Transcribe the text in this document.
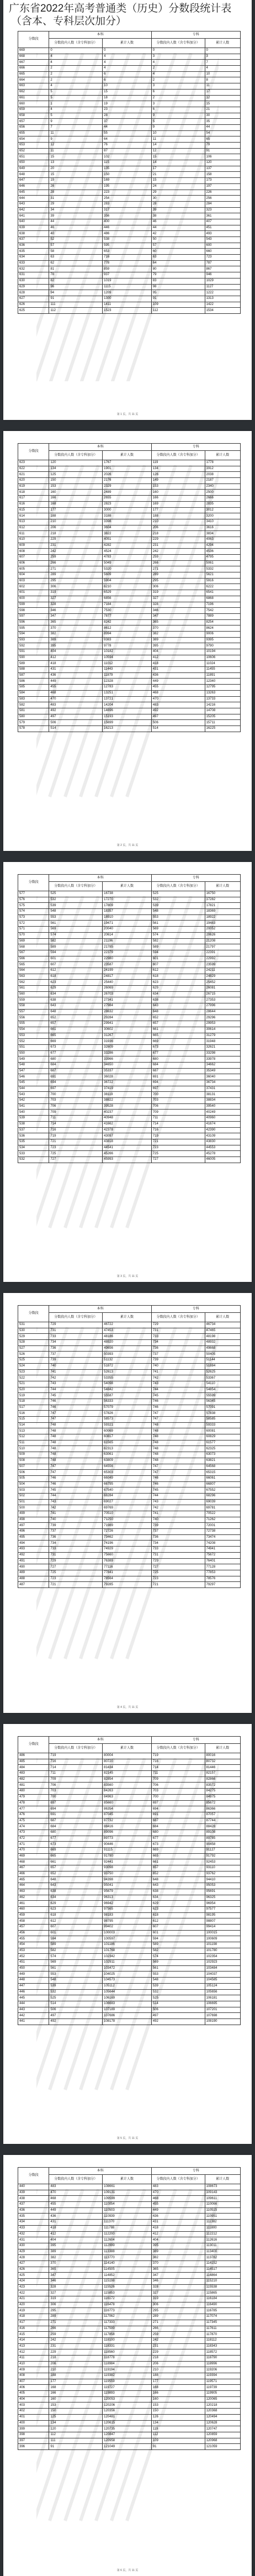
广东省2022年高考普通类（历史）分数段统计表
（含本、专科层次加分）
分数段	本科		专科	
	分数段内人数（含专科加分）	累计人数	分数段内人数（含专科加分）	累计人数
669	0	0	0	0
668	4	4	3	3
667	4	4	4	7
666	2	4	2	4
665	2	6	4	10
664	2	6	2	8
663	4	10	3	11
662	5	15	6	17
661	5	18	2	12
660	1	19	3	15
659	4	23	6	21
658	5	28	9	30
657	9	37	5	35
656	7	44	9	44
655	11	55	10	54
654	9	64	11	65
653	12	76	14	79
652	11	87	12	91
651	15	102	15	106
650	13	115	14	120
649	20	135	17	137
648	15	150	21	158
647	19	169	15	173
646	26	195	24	197
645	28	223	29	226
644	31	254	30	256
643	29	283	28	284
642	34	317	39	323
641	39	356	38	361
640	44	400	46	407
639	46	446	44	451
638	40	486	42	493
637	52	538	50	543
636	57	595	57	600
635	58	653	60	660
634	63	716	63	723
633	62	778	64	787
632	81	859	80	867
631	78	937	79	946
630	82	1019	83	1029
629	96	1115	98	1127
628	94	1209	95	1222
627	91	1300	91	1313
626	111	1411	109	1422
625	112	1523	112	1534
第 1 页，共 11 页
分数段	本科		专科	
	分数段内人数（含专科加分）	累计人数	分数段内人数（含专科加分）	累计人数
623	120	1767	119	1778
622	134	1901	134	1912
621	125	2026	126	2038
620	150	2176	149	2187
619	153	2329	153	2340
618	160	2489	160	2500
617	166	2655	166	2666
616	168	2823	169	2835
615	177	3000	177	3012
614	188	3188	188	3200
613	210	3398	210	3410
612	206	3604	206	3616
611	218	3822	218	3834
610	229	4051	229	4063
609	231	4282	231	4294
608	242	4524	242	4536
607	259	4783	259	4795
606	266	5049	266	5061
605	271	5320	271	5332
604	289	5609	289	5621
603	295	5904	295	5916
602	306	6210	306	6222
601	319	6529	319	6541
600	327	6856	327	6868
599	328	7184	328	7196
598	346	7530	346	7542
597	347	7877	347	7889
596	365	8242	365	8254
595	370	8612	370	8624
594	382	8994	382	9006
593	389	9383	389	9395
592	395	9778	395	9790
591	404	10182	404	10194
590	412	10594	412	10606
589	418	11012	418	11024
588	431	11443	431	11455
587	436	11879	436	11891
586	449	12328	449	12340
585	455	12783	455	12795
584	468	13251	468	13263
583	470	13721	470	13733
582	483	14204	483	14216
581	492	14696	492	14708
580	497	15193	497	15205
579	506	15699	506	15711
578	514	16213	514	16225
第 2 页，共 11 页
分数段	本科		专科	
	分数段内人数（含专科加分）	累计人数	分数段内人数（含专科加分）	累计人数
577	525	16738	525	16750
576	532	17270	532	17282
575	539	17809	539	17821
574	548	18357	548	18369
573	553	18910	553	18922
572	561	19471	561	19483
571	569	20040	569	20052
570	574	20614	574	20626
569	582	21196	582	21208
568	589	21785	589	21797
567	594	22379	594	22391
566	601	22980	601	22992
565	607	23587	607	23599
564	612	24199	612	24211
563	618	24817	618	24829
562	623	25440	623	25452
561	629	26069	629	26081
560	634	26703	634	26715
559	638	27341	638	27353
558	643	27984	643	27996
557	648	28632	648	28644
556	652	29284	652	29296
555	657	29941	657	29953
554	661	30602	661	30614
553	665	31267	665	31279
552	669	31936	669	31948
551	673	32609	673	32621
550	677	33286	677	33298
549	680	33966	680	33978
548	684	34650	684	34662
547	687	35337	687	35349
546	691	36028	691	36040
545	694	36722	694	36734
544	697	37419	697	37431
543	700	38119	700	38131
542	703	38822	703	38834
541	706	39528	706	39540
540	709	40237	709	40249
539	711	40948	711	40960
538	714	41662	714	41674
537	716	42378	716	42390
536	719	43097	719	43109
535	721	43818	721	43830
534	723	44541	723	44553
533	725	45266	725	45278
532	727	45993	727	46005
第 3 页，共 11 页
分数段	本科		专科	
	分数段内人数（含专科加分）	累计人数	分数段内人数（含专科加分）	累计人数
531	729	46722	729	46734
530	731	47453	731	47465
529	733	48186	733	48198
528	734	48920	734	48932
527	736	49656	736	49668
526	737	50393	737	50405
525	739	51132	739	51144
524	740	51872	740	51884
523	741	52613	741	52625
522	742	53355	742	53367
521	743	54098	743	54110
520	744	54842	744	54854
519	745	55587	745	55599
518	746	56333	746	56345
517	746	57079	746	57091
516	747	57826	747	57838
515	747	58573	747	58585
514	748	59321	748	59333
513	748	60069	748	60081
512	748	60817	748	60829
511	748	61565	748	61577
510	748	62313	748	62325
509	748	63061	748	63073
508	748	63809	748	63821
507	747	64556	747	64568
506	747	65303	747	65315
505	746	66049	746	66061
504	746	66795	746	66807
503	745	67540	745	67552
502	744	68284	744	68296
501	743	69027	743	69039
500	742	69769	742	69781
499	741	70510	741	70522
498	740	71250	740	71262
497	739	71989	739	72001
496	737	72726	737	72738
495	736	73462	736	73474
494	734	74196	734	74208
493	733	74929	733	74941
492	731	75660	731	75672
491	729	76389	729	76401
490	727	77116	727	77128
489	725	77841	725	77853
488	723	78564	723	78576
487	721	79285	721	79297
第 4 页，共 11 页
分数段	本科		专科	
	分数段内人数（含专科加分）	累计人数	分数段内人数（含专科加分）	累计人数
486	719	80004	719	80016
485	716	80720	716	80732
484	714	81434	714	81446
483	711	82145	711	82157
482	709	82854	709	82866
481	706	83560	706	83572
480	703	84263	703	84275
479	700	84963	700	84975
478	697	85660	697	85672
477	694	86354	694	86366
476	691	87045	691	87057
475	687	87732	687	87744
474	684	88416	684	88428
473	680	89096	680	89108
472	677	89773	677	89785
471	673	90446	673	90458
470	669	91115	669	91127
469	665	91780	665	91792
468	661	92441	661	92453
467	657	93098	657	93110
466	652	93750	652	93762
465	648	94398	648	94410
464	643	95041	643	95053
463	638	95679	638	95691
462	634	96313	634	96325
461	629	96942	629	96954
460	623	97565	623	97577
459	618	98183	618	98195
458	612	98795	612	98807
457	607	99402	607	99414
456	601	100003	601	100015
455	594	100597	594	100609
454	589	101186	589	101198
453	582	101768	582	101780
452	574	102342	574	102354
451	569	102911	569	102923
450	561	103472	561	103484
449	553	104025	553	104037
448	548	104573	548	104585
447	539	105112	539	105124
446	532	105644	532	105656
445	525	106169	525	106181
444	514	106683	514	106695
443	506	107189	506	107201
442	497	107686	497	107698
441	492	108178	492	108190
第 5 页，共 11 页
分数段	本科		专科	
	分数段内人数（含专科加分）	累计人数	分数段内人数（含专科加分）	累计人数
440	483	108661	483	108673
439	470	109131	470	109143
438	468	109599	468	109611
437	455	110054	455	110066
436	449	110503	449	110515
435	436	110939	436	110951
434	431	111370	431	111382
433	418	111788	418	111800
432	412	112200	412	112212
431	404	112604	404	112616
430	395	112999	395	113011
429	389	113388	389	113400
428	382	113770	382	113782
427	370	114140	370	114152
426	365	114505	365	114517
425	347	114852	347	114864
424	346	115198	346	115210
423	328	115526	328	115538
422	327	115853	327	115865
421	319	116172	319	116184
420	306	116478	306	116490
419	295	116773	295	116785
418	289	117062	289	117074
417	271	117333	271	117345
416	266	117599	266	117611
415	259	117858	259	117870
414	242	118100	242	118112
413	231	118331	231	118343
412	229	118560	229	118572
411	218	118778	218	118790
410	206	118984	206	118996
409	210	119194	210	119206
408	188	119382	188	119394
407	177	119559	177	119571
406	168	119727	168	119739
405	166	119893	166	119905
404	160	120053	160	120065
403	153	120206	153	120218
402	150	120356	150	120368
401	125	120481	126	120494
400	134	120615	134	120628
399	120	120735	119	120747
398	112	120847	112	120859
397	111	120958	109	120968
396	91	121049	91	121059
第 6 页，共 11 页
